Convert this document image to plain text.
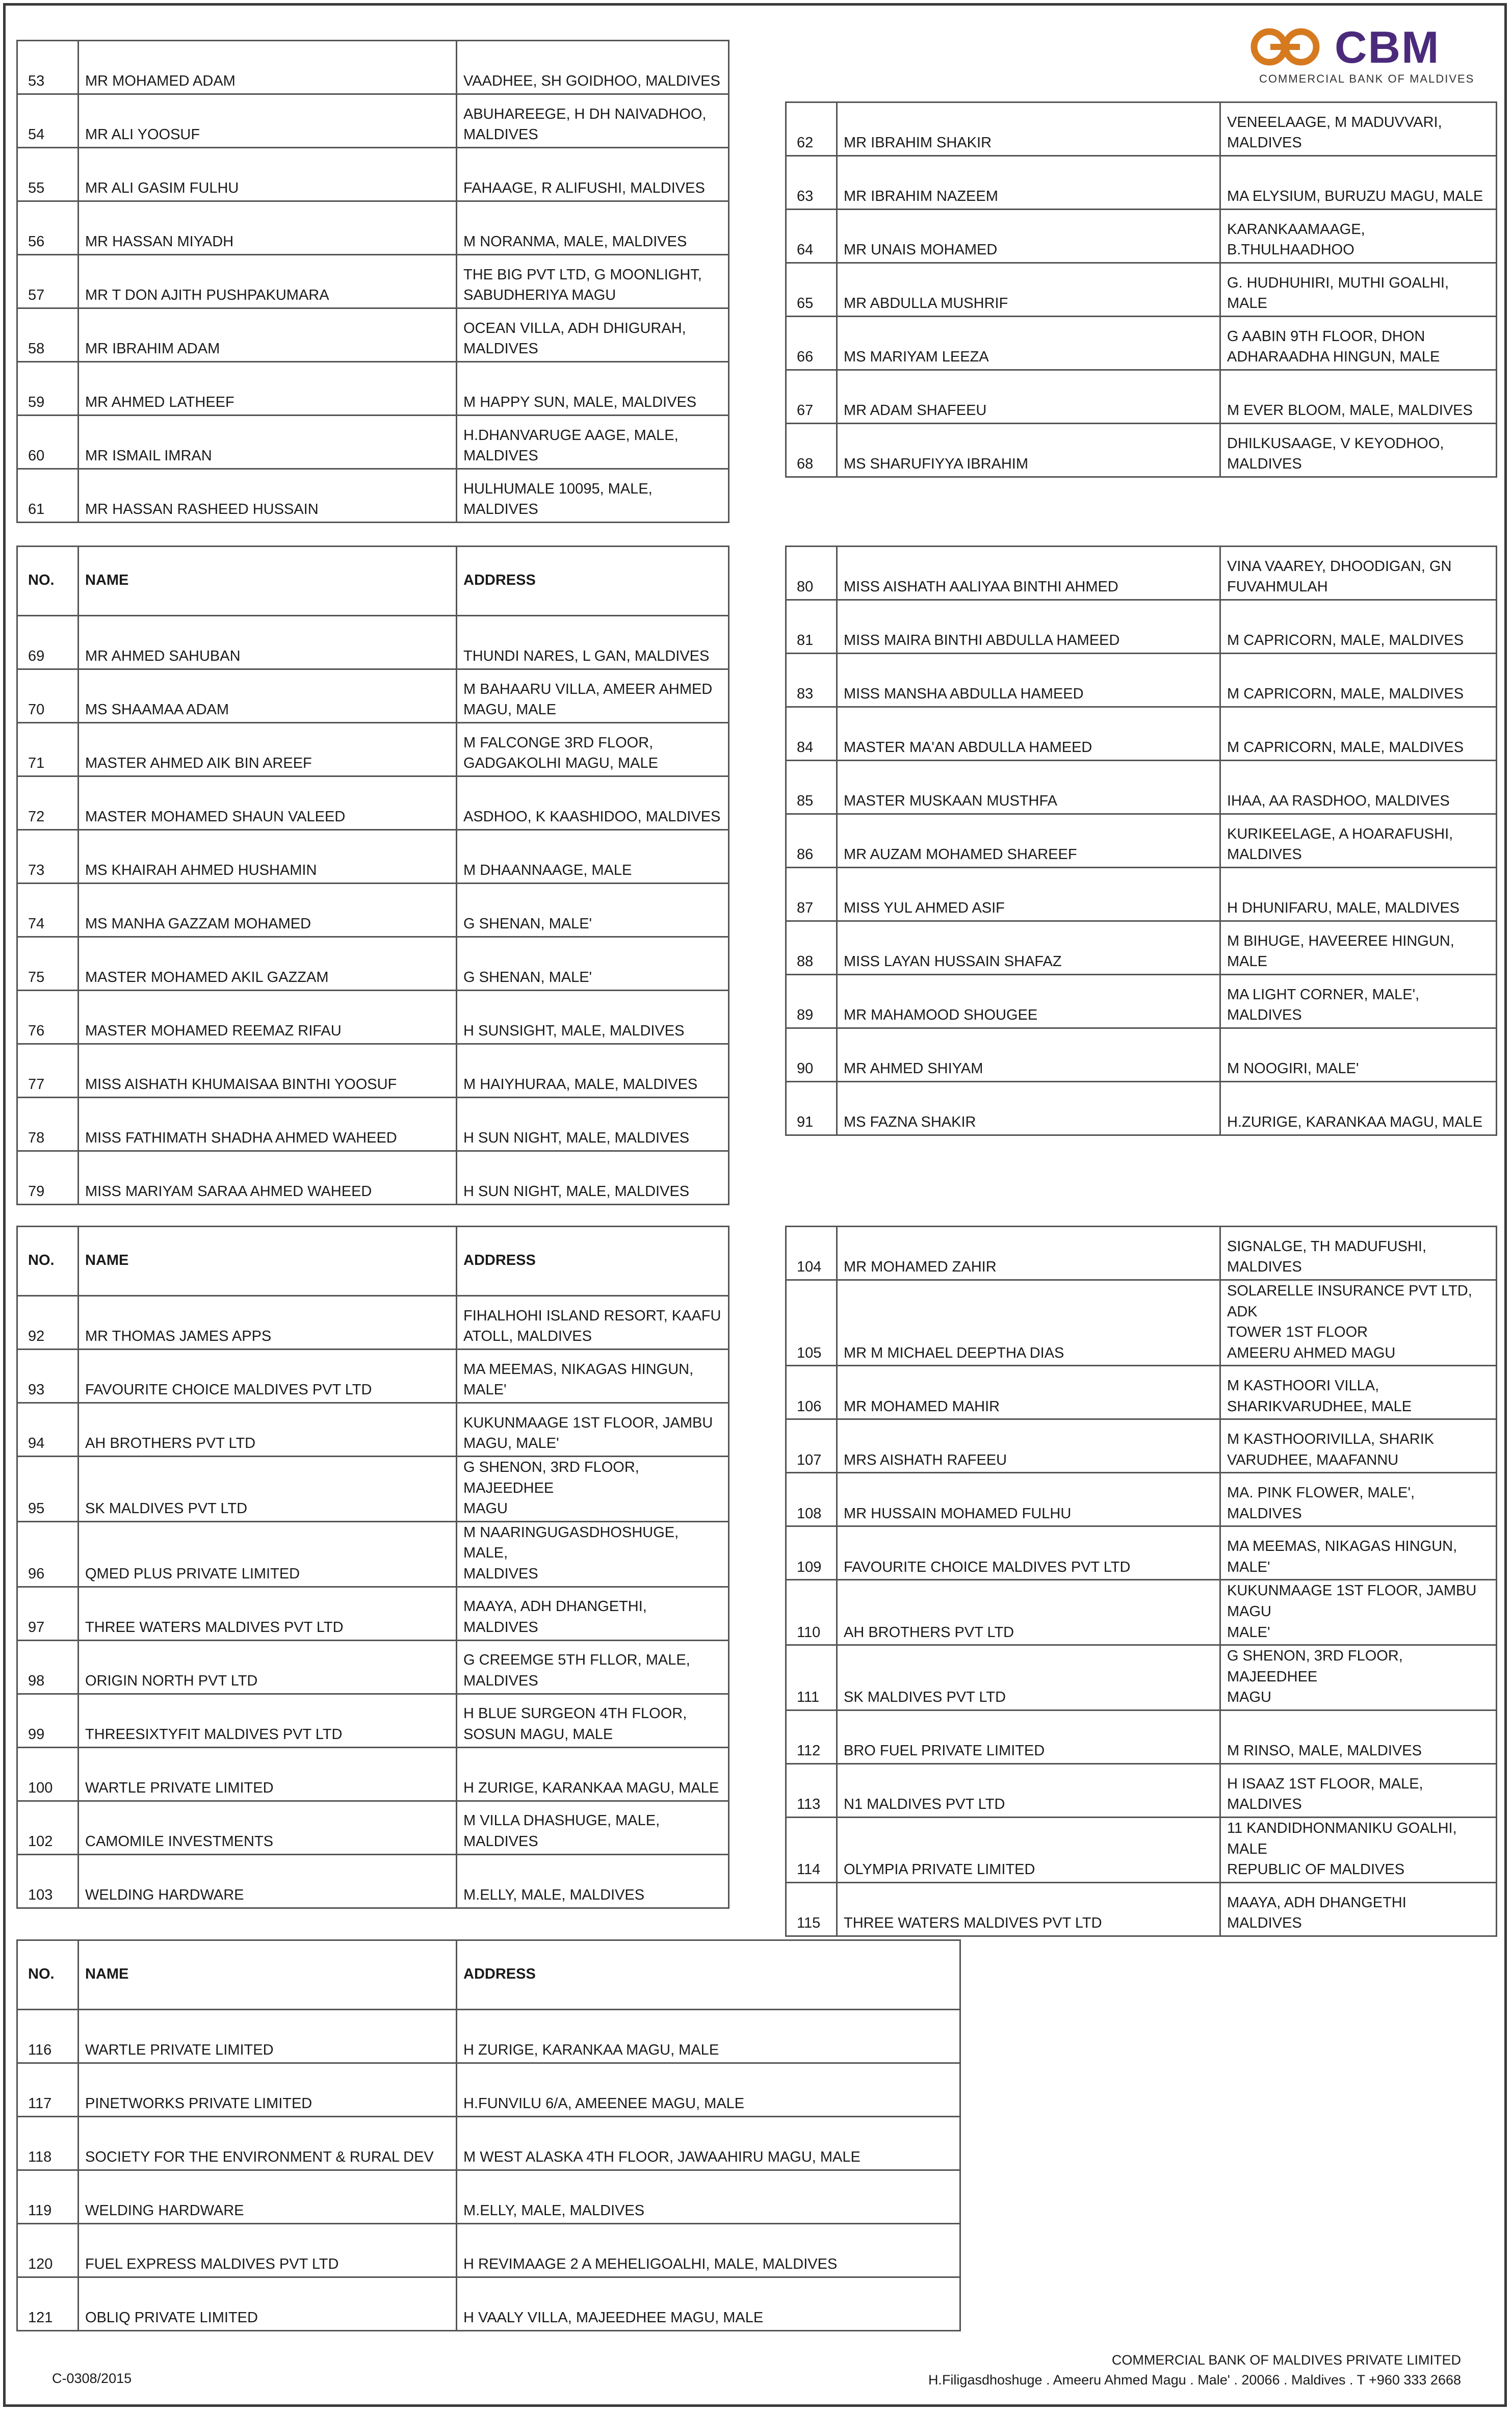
CBM
COMMERCIAL BANK OF MALDIVES
53	MR MOHAMED ADAM	VAADHEE, SH GOIDHOO, MALDIVES
54	MR ALI YOOSUF	ABUHAREEGE, H DH NAIVADHOO,
MALDIVES
55	MR ALI GASIM FULHU	FAHAAGE, R ALIFUSHI, MALDIVES
56	MR HASSAN MIYADH	M NORANMA, MALE, MALDIVES
57	MR T DON AJITH PUSHPAKUMARA	THE BIG PVT LTD, G MOONLIGHT,
SABUDHERIYA MAGU
58	MR IBRAHIM ADAM	OCEAN VILLA, ADH DHIGURAH,
MALDIVES
59	MR AHMED LATHEEF	M HAPPY SUN, MALE, MALDIVES
60	MR ISMAIL IMRAN	H.DHANVARUGE AAGE, MALE,
MALDIVES
61	MR HASSAN RASHEED HUSSAIN	HULHUMALE 10095, MALE,
MALDIVES
62	MR IBRAHIM SHAKIR	VENEELAAGE, M MADUVVARI,
MALDIVES
63	MR IBRAHIM NAZEEM	MA ELYSIUM, BURUZU MAGU, MALE
64	MR UNAIS MOHAMED	KARANKAAMAAGE,
B.THULHAADHOO
65	MR ABDULLA MUSHRIF	G. HUDHUHIRI, MUTHI GOALHI,
MALE
66	MS MARIYAM LEEZA	G AABIN 9TH FLOOR, DHON
ADHARAADHA HINGUN, MALE
67	MR ADAM SHAFEEU	M EVER BLOOM, MALE, MALDIVES
68	MS SHARUFIYYA IBRAHIM	DHILKUSAAGE, V KEYODHOO,
MALDIVES
NO.	NAME	ADDRESS
69	MR AHMED SAHUBAN	THUNDI NARES, L GAN, MALDIVES
70	MS SHAAMAA ADAM	M BAHAARU VILLA, AMEER AHMED
MAGU, MALE
71	MASTER AHMED AIK BIN AREEF	M FALCONGE 3RD FLOOR,
GADGAKOLHI MAGU, MALE
72	MASTER MOHAMED SHAUN VALEED	ASDHOO, K KAASHIDOO, MALDIVES
73	MS KHAIRAH AHMED HUSHAMIN	M DHAANNAAGE, MALE
74	MS MANHA GAZZAM MOHAMED	G SHENAN, MALE'
75	MASTER MOHAMED AKIL GAZZAM	G SHENAN, MALE'
76	MASTER MOHAMED REEMAZ RIFAU	H SUNSIGHT, MALE, MALDIVES
77	MISS AISHATH KHUMAISAA BINTHI YOOSUF	M HAIYHURAA, MALE, MALDIVES
78	MISS FATHIMATH SHADHA AHMED WAHEED	H SUN NIGHT, MALE, MALDIVES
79	MISS MARIYAM SARAA AHMED WAHEED	H SUN NIGHT, MALE, MALDIVES
80	MISS AISHATH AALIYAA BINTHI AHMED	VINA VAAREY, DHOODIGAN, GN
FUVAHMULAH
81	MISS MAIRA BINTHI ABDULLA HAMEED	M CAPRICORN, MALE, MALDIVES
83	MISS MANSHA ABDULLA HAMEED	M CAPRICORN, MALE, MALDIVES
84	MASTER MA'AN ABDULLA HAMEED	M CAPRICORN, MALE, MALDIVES
85	MASTER MUSKAAN MUSTHFA	IHAA, AA RASDHOO, MALDIVES
86	MR AUZAM MOHAMED SHAREEF	KURIKEELAGE, A HOARAFUSHI,
MALDIVES
87	MISS YUL AHMED ASIF	H DHUNIFARU, MALE, MALDIVES
88	MISS LAYAN HUSSAIN SHAFAZ	M BIHUGE, HAVEEREE HINGUN,
MALE
89	MR MAHAMOOD SHOUGEE	MA LIGHT CORNER, MALE',
MALDIVES
90	MR AHMED SHIYAM	M NOOGIRI, MALE'
91	MS FAZNA SHAKIR	H.ZURIGE, KARANKAA MAGU, MALE
NO.	NAME	ADDRESS
92	MR THOMAS JAMES APPS	FIHALHOHI ISLAND RESORT, KAAFU
ATOLL, MALDIVES
93	FAVOURITE CHOICE MALDIVES PVT LTD	MA MEEMAS, NIKAGAS HINGUN,
MALE'
94	AH BROTHERS PVT LTD	KUKUNMAAGE 1ST FLOOR, JAMBU
MAGU, MALE'
95	SK MALDIVES PVT LTD	G SHENON, 3RD FLOOR, MAJEEDHEE
MAGU
96	QMED PLUS PRIVATE LIMITED	M NAARINGUGASDHOSHUGE, MALE,
MALDIVES
97	THREE WATERS MALDIVES PVT LTD	MAAYA, ADH DHANGETHI, MALDIVES
98	ORIGIN NORTH PVT LTD	G CREEMGE 5TH FLLOR, MALE,
MALDIVES
99	THREESIXTYFIT MALDIVES PVT LTD	H BLUE SURGEON 4TH FLOOR,
SOSUN MAGU, MALE
100	WARTLE PRIVATE LIMITED	H ZURIGE, KARANKAA MAGU, MALE
102	CAMOMILE INVESTMENTS	M VILLA DHASHUGE, MALE,
MALDIVES
103	WELDING HARDWARE	M.ELLY, MALE, MALDIVES
104	MR MOHAMED ZAHIR	SIGNALGE, TH MADUFUSHI,
MALDIVES
105	MR M MICHAEL DEEPTHA DIAS	SOLARELLE INSURANCE PVT LTD, ADK
TOWER 1ST FLOOR
AMEERU AHMED MAGU
106	MR MOHAMED MAHIR	M KASTHOORI VILLA,
SHARIKVARUDHEE, MALE
107	MRS AISHATH RAFEEU	M KASTHOORIVILLA, SHARIK
VARUDHEE, MAAFANNU
108	MR HUSSAIN MOHAMED FULHU	MA. PINK FLOWER, MALE', MALDIVES
109	FAVOURITE CHOICE MALDIVES PVT LTD	MA MEEMAS, NIKAGAS HINGUN,
MALE'
110	AH BROTHERS PVT LTD	KUKUNMAAGE 1ST FLOOR, JAMBU
MAGU
MALE'
111	SK MALDIVES PVT LTD	G SHENON, 3RD FLOOR, MAJEEDHEE
MAGU
112	BRO FUEL PRIVATE LIMITED	M RINSO, MALE, MALDIVES
113	N1 MALDIVES PVT LTD	H ISAAZ 1ST FLOOR, MALE, MALDIVES
114	OLYMPIA PRIVATE LIMITED	11 KANDIDHONMANIKU GOALHI,
MALE
REPUBLIC OF MALDIVES
115	THREE WATERS MALDIVES PVT LTD	MAAYA, ADH DHANGETHI
MALDIVES
NO.	NAME	ADDRESS
116	WARTLE PRIVATE LIMITED	H ZURIGE, KARANKAA MAGU, MALE
117	PINETWORKS PRIVATE LIMITED	H.FUNVILU 6/A, AMEENEE MAGU, MALE
118	SOCIETY FOR THE ENVIRONMENT & RURAL DEV	M WEST ALASKA 4TH FLOOR, JAWAAHIRU MAGU, MALE
119	WELDING HARDWARE	M.ELLY, MALE, MALDIVES
120	FUEL EXPRESS MALDIVES PVT LTD	H REVIMAAGE 2 A MEHELIGOALHI, MALE, MALDIVES
121	OBLIQ PRIVATE LIMITED	H VAALY VILLA, MAJEEDHEE MAGU, MALE
C-0308/2015
COMMERCIAL BANK OF MALDIVES PRIVATE LIMITED
H.Filigasdhoshuge . Ameeru Ahmed Magu . Male' . 20066 . Maldives . T +960 333 2668
